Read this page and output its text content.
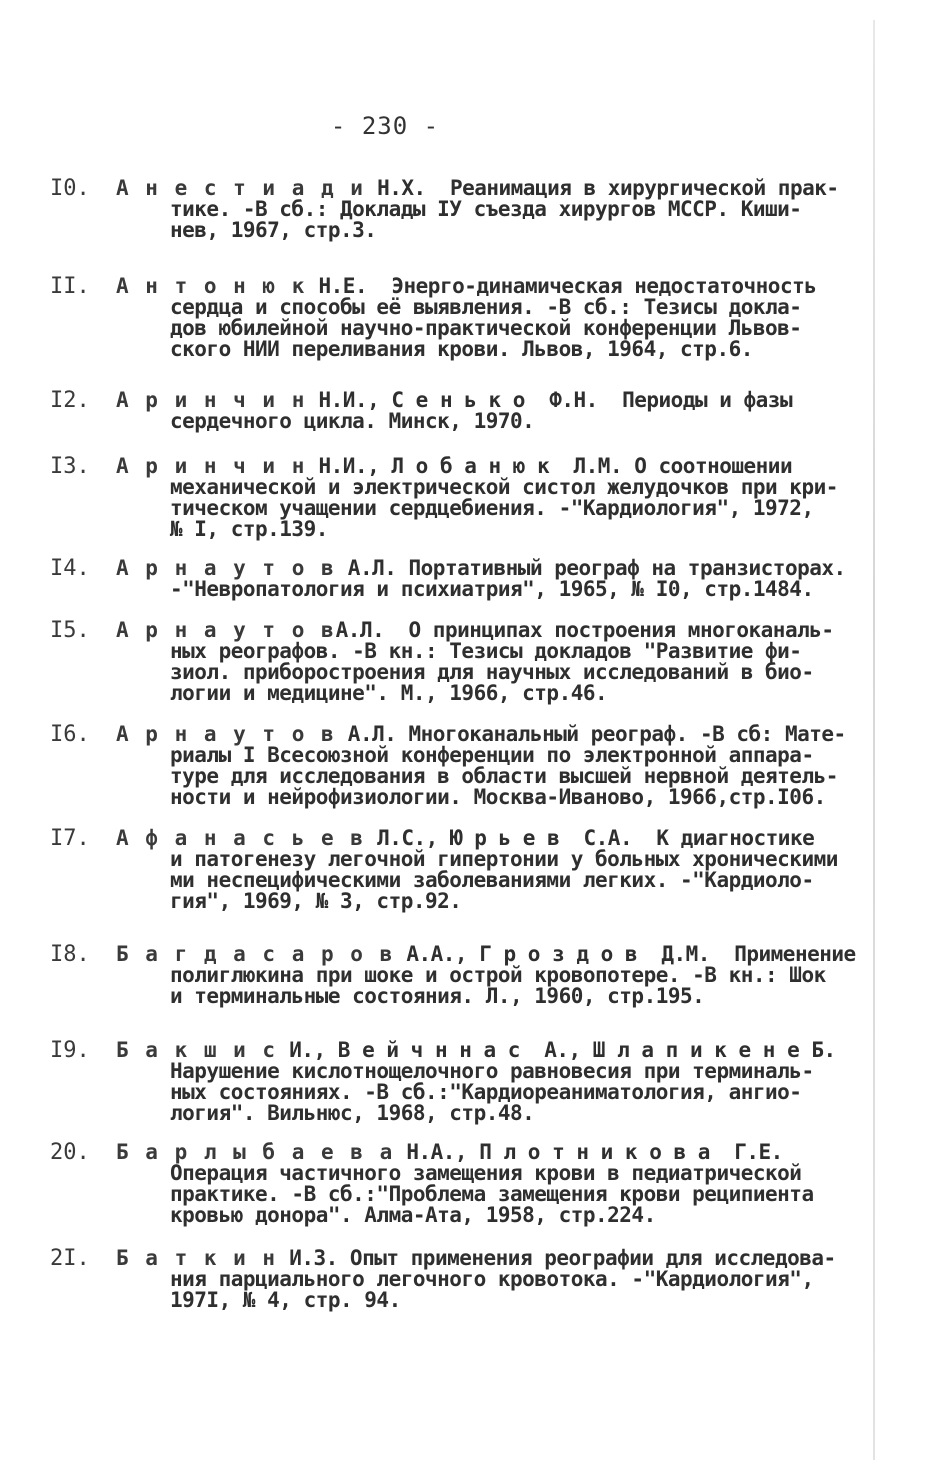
- 230 -
I0.	А н е с т и а д и Н.Х.  Реанимация в хирургической прак-
тике. -В сб.: Доклады IУ съезда хирургов МССР. Киши-
нев, 1967, стр.3.
II.	А н т о н ю к Н.Е.  Энерго-динамическая недостаточность
сердца и способы её выявления. -В сб.: Тезисы докла-
дов юбилейной научно-практической конференции Львов-
ского НИИ переливания крови. Львов, 1964, стр.6.
I2.	А р и н ч и н Н.И., С е н ь к о  Ф.Н.  Периоды и фазы
сердечного цикла. Минск, 1970.
I3.	А р и н ч и н Н.И., Л о б а н ю к  Л.М. О соотношении
механической и электрической систол желудочков при кри-
тическом учащении сердцебиения. -"Кардиология", 1972,
№ I, стр.139.
I4.	А р н а у т о в А.Л. Портативный реограф на транзисторах.
-"Невропатология и психиатрия", 1965, № I0, стр.1484.
I5.	А р н а у т о вА.Л.  О принципах построения многоканаль-
ных реографов. -В кн.: Тезисы докладов "Развитие фи-
зиол. приборостроения для научных исследований в био-
логии и медицине". М., 1966, стр.46.
I6.	А р н а у т о в А.Л. Многоканальный реограф. -В сб: Мате-
риалы I Всесоюзной конференции по электронной аппара-
туре для исследования в области высшей нервной деятель-
ности и нейрофизиологии. Москва-Иваново, 1966,стр.I06.
I7.	А ф а н а с ь е в Л.С., Ю р ь е в  С.А.  К диагностике
и патогенезу легочной гипертонии у больных хроническими
ми неспецифическими заболеваниями легких. -"Кардиоло-
гия", 1969, № 3, стр.92.
I8.	Б а г д а с а р о в А.А., Г р о з д о в  Д.М.  Применение
полиглюкина при шоке и острой кровопотере. -В кн.: Шок
и терминальные состояния. Л., 1960, стр.195.
I9.	Б а к ш и с И., В е й ч н н а с  А., Ш л а п и к е н е Б.
Нарушение кислотнощелочного равновесия при терминаль-
ных состояниях. -В сб.:"Кардиореаниматология, ангио-
логия". Вильнюс, 1968, стр.48.
20.	Б а р л ы б а е в а Н.А., П л о т н и к о в а  Г.Е.
Операция частичного замещения крови в педиатрической
практике. -В сб.:"Проблема замещения крови реципиента
кровью донора". Алма-Ата, 1958, стр.224.
2I.	Б а т к и н И.З. Опыт применения реографии для исследова-
ния парциального легочного кровотока. -"Кардиология",
197I, № 4, стр. 94.
